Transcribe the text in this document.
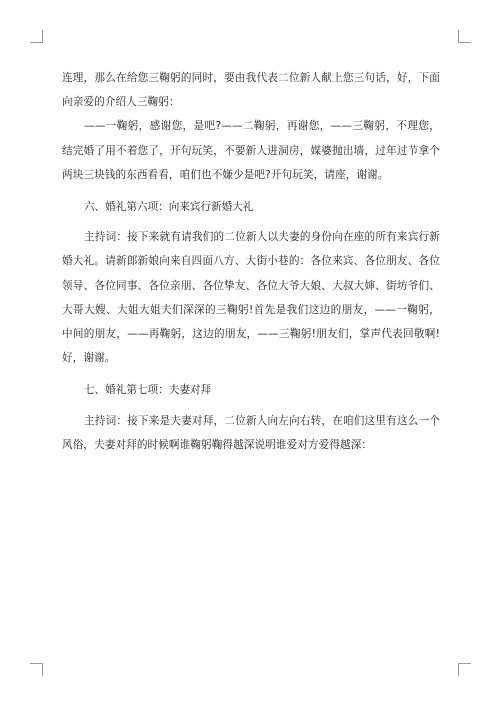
连理，那么在给您三鞠躬的同时，要由我代表二位新人献上您三句话，好，下面向亲爱的介绍人三鞠躬：

——一鞠躬，感谢您，是吧?——二鞠躬，再谢您，——三鞠躬，不理您，结完婚了用不着您了，开句玩笑，不要新人进洞房，媒婆抛出墙，过年过节拿个两块三块钱的东西看看，咱们也不嫌少是吧?开句玩笑，请座，谢谢。

六、婚礼第六项：向来宾行新婚大礼

主持词：接下来就有请我们的二位新人以夫妻的身份向在座的所有来宾行新婚大礼。请新郎新娘向来自四面八方、大街小巷的：各位来宾、各位朋友、各位领导、各位同事、各位亲朋、各位挚友、各位大爷大娘、大叔大婶、街坊爷们、大哥大嫂、大姐大姐夫们深深的三鞠躬!首先是我们这边的朋友，——一鞠躬，中间的朋友，——再鞠躬，这边的朋友，——三鞠躬!朋友们，掌声代表回敬啊!好，谢谢。

七、婚礼第七项：夫妻对拜

主持词：接下来是夫妻对拜，二位新人向左向右转，在咱们这里有这么一个风俗，夫妻对拜的时候啊谁鞠躬鞠得越深说明谁爱对方爱得越深：
